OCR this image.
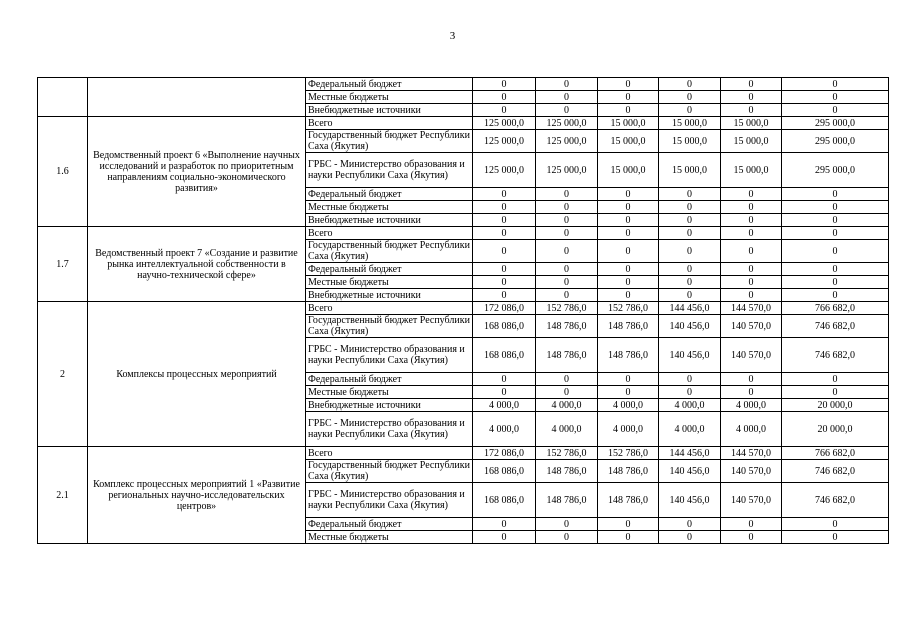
3
		Федеральный бюджет	0	0	0	0	0	0
		Местные бюджеты	0	0	0	0	0	0
		Внебюджетные источники	0	0	0	0	0	0
1.6	Ведомственный проект 6 «Выполнение научных исследований и разработок по приоритетным направлениям социально-экономического развития»	Всего	125 000,0	125 000,0	15 000,0	15 000,0	15 000,0	295 000,0
		Государственный бюджет Республики Саха (Якутия)	125 000,0	125 000,0	15 000,0	15 000,0	15 000,0	295 000,0
		ГРБС - Министерство образования и науки Республики Саха (Якутия)	125 000,0	125 000,0	15 000,0	15 000,0	15 000,0	295 000,0
		Федеральный бюджет	0	0	0	0	0	0
		Местные бюджеты	0	0	0	0	0	0
		Внебюджетные источники	0	0	0	0	0	0
1.7	Ведомственный проект 7 «Создание и развитие рынка интеллектуальной собственности в научно-технической сфере»	Всего	0	0	0	0	0	0
		Государственный бюджет Республики Саха (Якутия)	0	0	0	0	0	0
		Федеральный бюджет	0	0	0	0	0	0
		Местные бюджеты	0	0	0	0	0	0
		Внебюджетные источники	0	0	0	0	0	0
2	Комплексы процессных мероприятий	Всего	172 086,0	152 786,0	152 786,0	144 456,0	144 570,0	766 682,0
		Государственный бюджет Республики Саха (Якутия)	168 086,0	148 786,0	148 786,0	140 456,0	140 570,0	746 682,0
		ГРБС - Министерство образования и науки Республики Саха (Якутия)	168 086,0	148 786,0	148 786,0	140 456,0	140 570,0	746 682,0
		Федеральный бюджет	0	0	0	0	0	0
		Местные бюджеты	0	0	0	0	0	0
		Внебюджетные источники	4 000,0	4 000,0	4 000,0	4 000,0	4 000,0	20 000,0
		ГРБС - Министерство образования и науки Республики Саха (Якутия)	4 000,0	4 000,0	4 000,0	4 000,0	4 000,0	20 000,0
2.1	Комплекс процессных мероприятий 1 «Развитие региональных научно-исследовательских центров»	Всего	172 086,0	152 786,0	152 786,0	144 456,0	144 570,0	766 682,0
		Государственный бюджет Республики Саха (Якутия)	168 086,0	148 786,0	148 786,0	140 456,0	140 570,0	746 682,0
		ГРБС - Министерство образования и науки Республики Саха (Якутия)	168 086,0	148 786,0	148 786,0	140 456,0	140 570,0	746 682,0
		Федеральный бюджет	0	0	0	0	0	0
		Местные бюджеты	0	0	0	0	0	0
